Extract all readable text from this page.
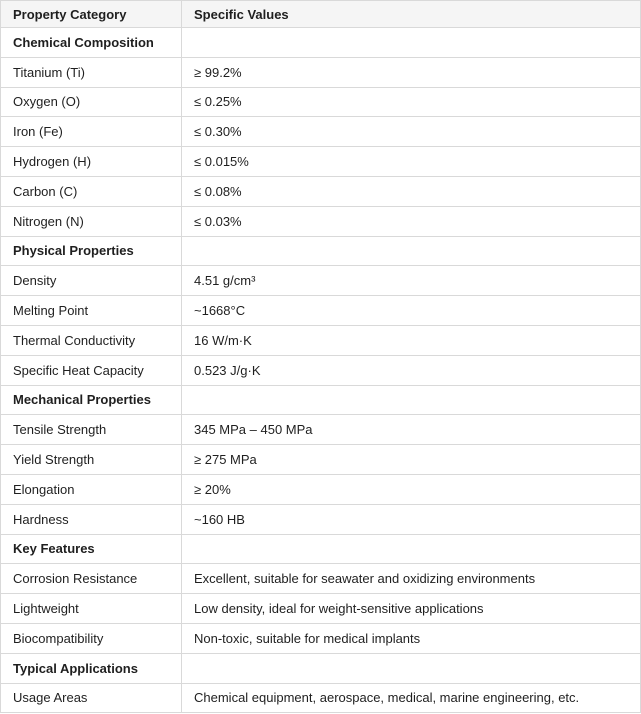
Property Category	Specific Values
Chemical Composition	
Titanium (Ti)	≥ 99.2%
Oxygen (O)	≤ 0.25%
Iron (Fe)	≤ 0.30%
Hydrogen (H)	≤ 0.015%
Carbon (C)	≤ 0.08%
Nitrogen (N)	≤ 0.03%
Physical Properties	
Density	4.51 g/cm³
Melting Point	~1668°C
Thermal Conductivity	16 W/m·K
Specific Heat Capacity	0.523 J/g·K
Mechanical Properties	
Tensile Strength	345 MPa – 450 MPa
Yield Strength	≥ 275 MPa
Elongation	≥ 20%
Hardness	~160 HB
Key Features	
Corrosion Resistance	Excellent, suitable for seawater and oxidizing environments
Lightweight	Low density, ideal for weight-sensitive applications
Biocompatibility	Non-toxic, suitable for medical implants
Typical Applications	
Usage Areas	Chemical equipment, aerospace, medical, marine engineering, etc.
